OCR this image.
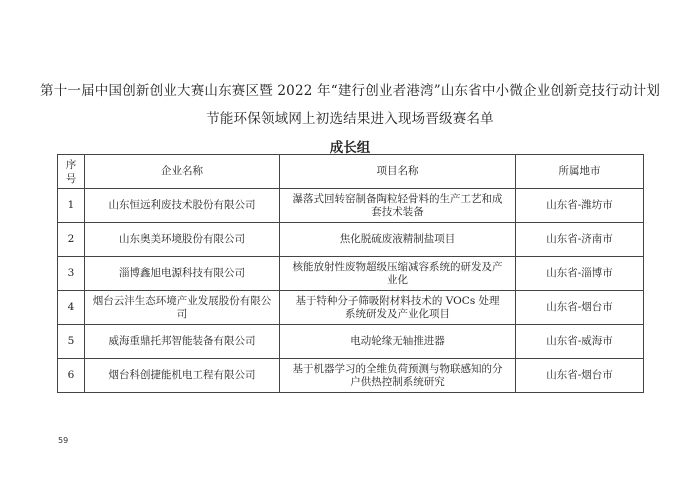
第十一届中国创新创业大赛山东赛区暨 2022 年“建行创业者港湾”山东省中小微企业创新竞技行动计划
节能环保领域网上初选结果进入现场晋级赛名单
成长组
序号	企业名称	项目名称	所属地市
1	山东恒远利废技术股份有限公司	瀑落式回转窑制备陶粒轻骨料的生产工艺和成套技术装备	山东省-潍坊市
2	山东奥美环境股份有限公司	焦化脱硫废液精制盐项目	山东省-济南市
3	淄博鑫旭电源科技有限公司	核能放射性废物超级压缩减容系统的研发及产业化	山东省-淄博市
4	烟台云沣生态环境产业发展股份有限公司	基于特种分子筛吸附材料技术的 VOCs 处理系统研发及产业化项目	山东省-烟台市
5	威海重鼎托邦智能装备有限公司	电动轮缘无轴推进器	山东省-威海市
6	烟台科创捷能机电工程有限公司	基于机器学习的全维负荷预测与物联感知的分户供热控制系统研究	山东省-烟台市
59
